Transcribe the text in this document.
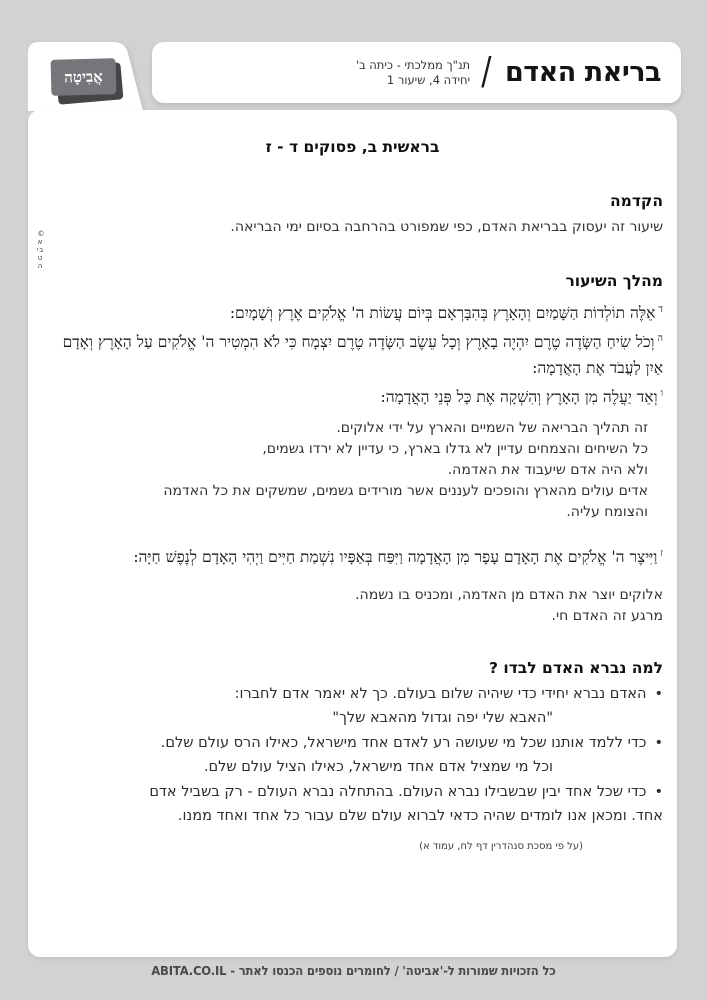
אֲבִיטָה	בריאת האדם
/
תנ"ך ממלכתי - כיתה ב'
יחידה 4, שיעור 1
©
אביטה
בראשית ב, פסוקים ד - ז
הקדמה
שיעור זה יעסוק בבריאת האדם, כפי שמפורט בהרחבה בסיום ימי הבריאה.
מהלך השיעור

$^ד$אֵלֶּה תוֹלְדוֹת הַשָּׁמַיִם וְהָאָרֶץ בְּהִבָּרְאָם בְּיוֹם עֲשׂוֹת ה' אֱלֹקִים אֶרֶץ וְשָׁמָיִם:

$^ה$וְכֹל שִׂיחַ הַשָּׂדֶה טֶרֶם יִהְיֶה בָאָרֶץ וְכָל עֵשֶׂב הַשָּׂדֶה טֶרֶם יִצְמָח כִּי לֹא הִמְטִיר ה' אֱלֹקִים עַל הָאָרֶץ וְאָדָם אַיִן לַעֲבֹד אֶת הָאֲדָמָה:

$^ו$וְאֵד יַעֲלֶה מִן הָאָרֶץ וְהִשְׁקָה אֶת כָּל פְּנֵי הָאֲדָמָה:

זה תהליך הבריאה של השמיים והארץ על ידי אלוקים.
כל השיחים והצמחים עדיין לא גדלו בארץ, כי עדיין לא ירדו גשמים,
ולא היה אדם שיעבוד את האדמה.
אדים עולים מהארץ והופכים לעננים אשר מורידים גשמים, שמשקים את כל האדמה
והצומח עליה.

$^ז$וַיִּיצֶר ה' אֱלֹקִים אֶת הָאָדָם עָפָר מִן הָאֲדָמָה וַיִּפַּח בְּאַפָּיו נִשְׁמַת חַיִּים וַיְהִי הָאָדָם לְנֶפֶשׁ חַיָּה:

אלוקים יוצר את האדם מן האדמה, ומכניס בו נשמה.
מרגע זה האדם חי.
למה נברא האדם לבדו ?
•האדם נברא יחידי כדי שיהיה שלום בעולם. כך לא יאמר אדם לחברו:
"האבא שלי יפה וגדול מהאבא שלך"
•כדי ללמד אותנו שכל מי שעושה רע לאדם אחד מישראל, כאילו הרס עולם שלם.
וכל מי שמציל אדם אחד מישראל, כאילו הציל עולם שלם.
•כדי שכל אחד יבין שבשבילו נברא העולם. בהתחלה נברא העולם - רק בשביל אדם
אחד. ומכאן אנו לומדים שהיה כדאי לברוא עולם שלם עבור כל אחד ואחד ממנו.
(על פי מסכת סנהדרין דף לח, עמוד א)
כל הזכויות שמורות ל-'אביטה' / לחומרים נוספים הכנסו לאתר - ABITA.CO.IL
